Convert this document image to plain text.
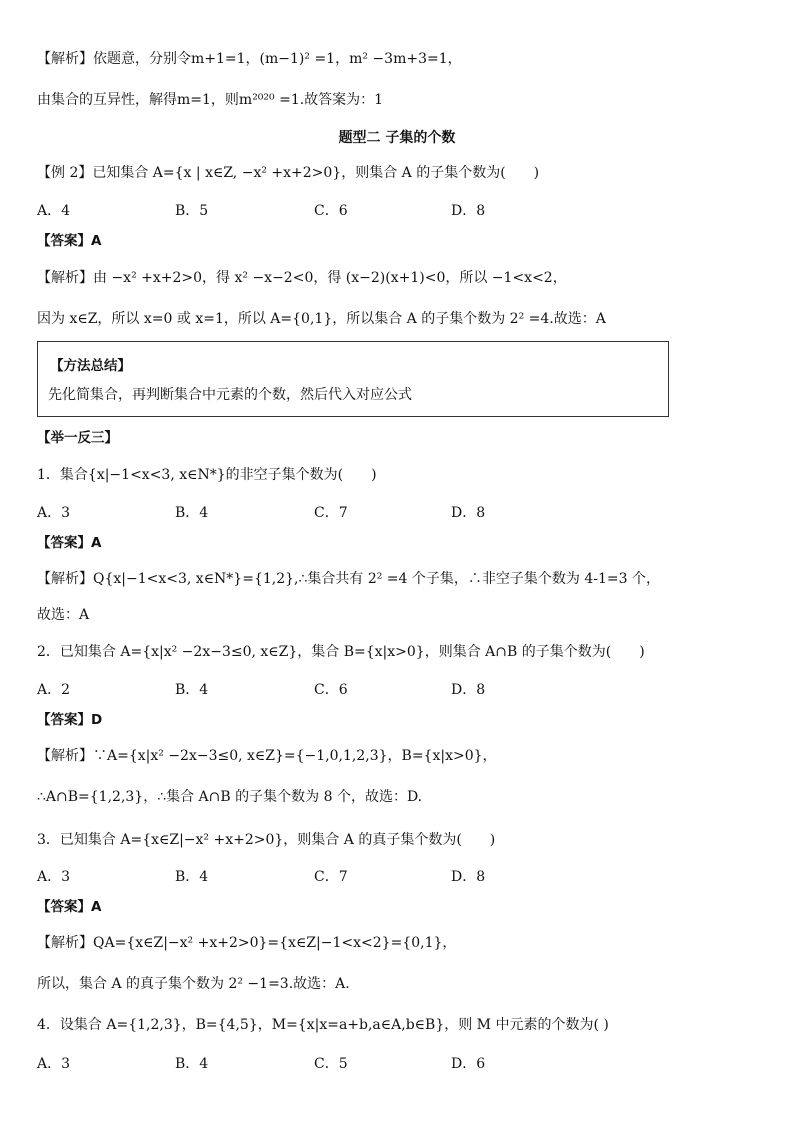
【解析】依题意，分别令m+1=1，(m−1)² =1，m² −3m+3=1，
由集合的互异性，解得m=1，则m²⁰²⁰ =1.故答案为：1
题型二 子集的个数
【例 2】已知集合 A={x | x∈Z, −x² +x+2>0}，则集合 A 的子集个数为(　　)
A．4	B．5	C．6	D．8
【答案】A
【解析】由 −x² +x+2>0，得 x² −x−2<0，得 (x−2)(x+1)<0，所以 −1<x<2，
因为 x∈Z，所以 x=0 或 x=1，所以 A={0,1}，所以集合 A 的子集个数为 2² =4.故选：A
【方法总结】
先化简集合，再判断集合中元素的个数，然后代入对应公式
【举一反三】
1．集合{x|−1<x<3, x∈N*}的非空子集个数为(　　)
A．3	B．4	C．7	D．8
【答案】A
【解析】Q{x|−1<x<3, x∈N*}={1,2},∴集合共有 2² =4 个子集，∴非空子集个数为 4-1=3 个，
故选：A
2．已知集合 A={x|x² −2x−3≤0, x∈Z}，集合 B={x|x>0}，则集合 A∩B 的子集个数为(　　)
A．2	B．4	C．6	D．8
【答案】D
【解析】∵A={x|x² −2x−3≤0, x∈Z}={−1,0,1,2,3}，B={x|x>0}，
∴A∩B={1,2,3}，∴集合 A∩B 的子集个数为 8 个，故选：D.
3．已知集合 A={x∈Z|−x² +x+2>0}，则集合 A 的真子集个数为(　　)
A．3	B．4	C．7	D．8
【答案】A
【解析】QA={x∈Z|−x² +x+2>0}={x∈Z|−1<x<2}={0,1}，
所以，集合 A 的真子集个数为 2² −1=3.故选：A.
4．设集合 A={1,2,3}，B={4,5}，M={x|x=a+b,a∈A,b∈B}，则 M 中元素的个数为( )
A．3	B．4	C．5	D．6
